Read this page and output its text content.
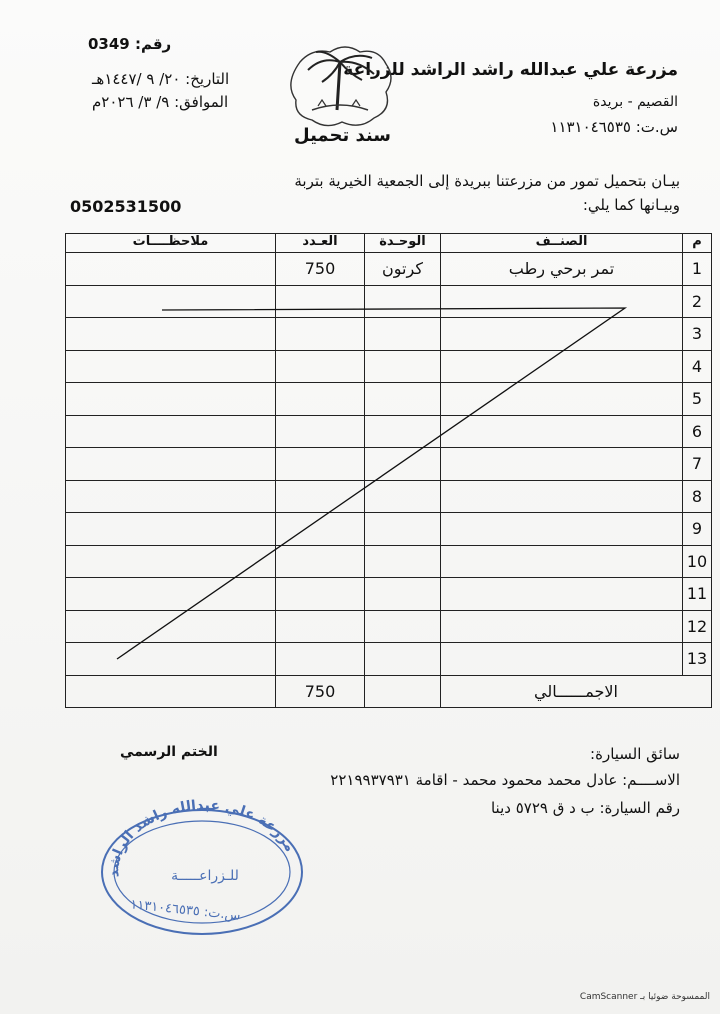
مزرعة علي عبدالله راشد الراشد للزراعة
القصيم - بريدة
س.ت: ١١٣١٠٤٦٥٣٥
رقم: 0349
التاريخ: ٢٠/ ٩ /١٤٤٧هـ
الموافق: ٩/ ٣/ ٢٠٢٦م
سند تحميل
بيـان بتحميل تمور من مزرعتنا ببريدة إلى الجمعية الخيرية بتربة
وبيـانها كما يلي:
0502531500
م	الصنــف	الوحـدة	العـدد	ملاحظــــات
1	تمر برحي رطب	كرتون	750	
2				
3				
4				
5				
6				
7				
8				
9				
10				
11				
12				
13				
الاجمــــــالي			750	
سائق السيارة:
الاســــم: عادل محمد محمود محمد - اقامة ٢٢١٩٩٣٧٩٣١
رقم السيارة: ب د ق ٥٧٢٩ دينا
الختم الرسمي
مزرعة علي عبدالله راشد الراشد
للـزراعـــــة
س.ت: ١١٣١٠٤٦٥٣٥
CamScanner الممسوحة ضوئيا بـ
